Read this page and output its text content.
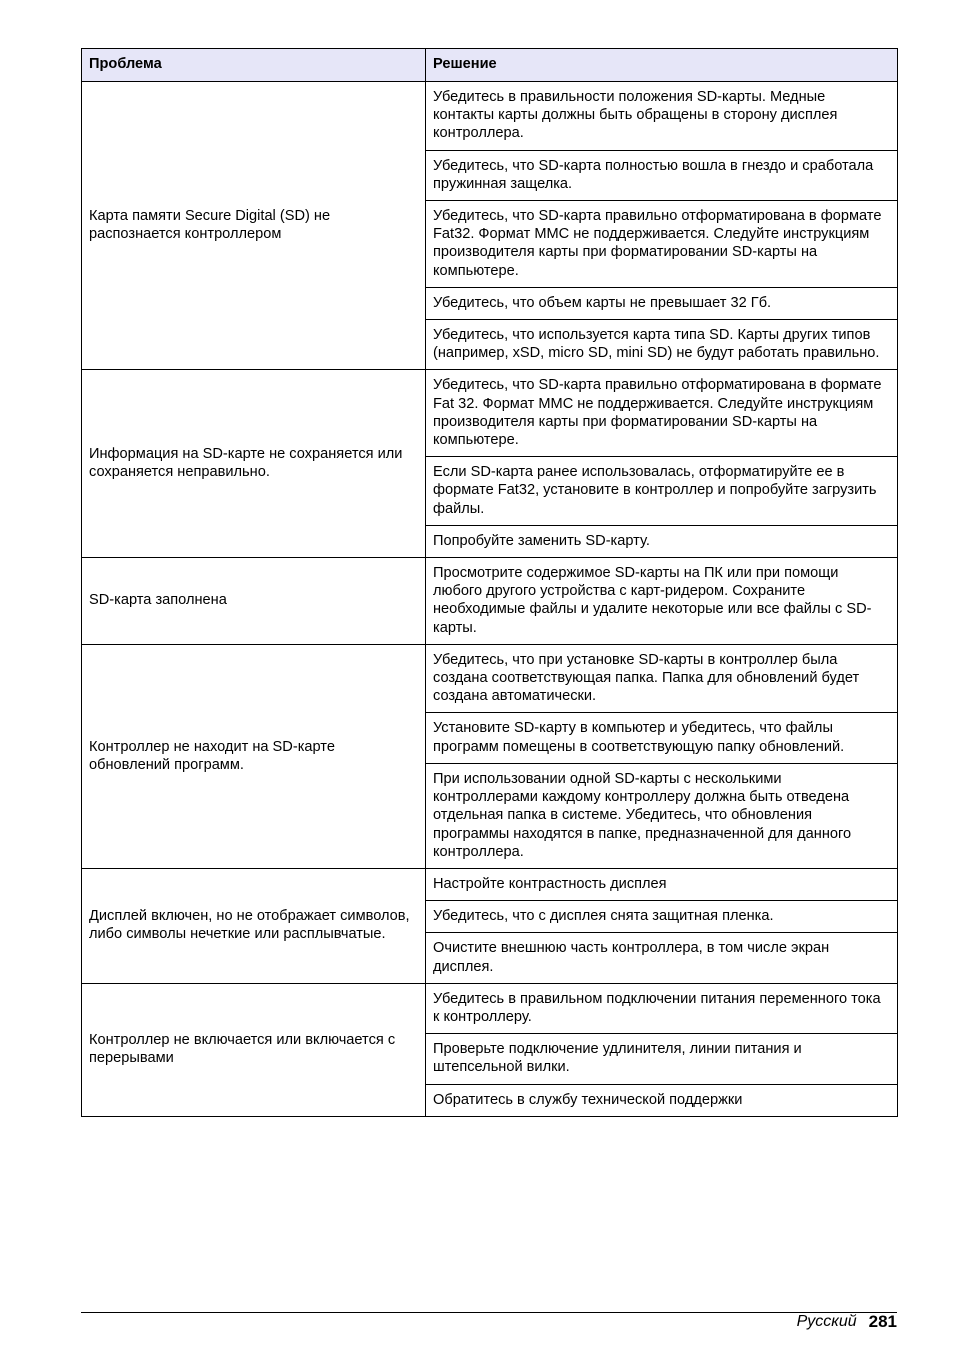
Проблема	Решение
Карта памяти Secure Digital (SD) не распознается контроллером	Убедитесь в правильности положения SD-карты. Медные контакты карты должны быть обращены в сторону дисплея контроллера.
	Убедитесь, что SD-карта полностью вошла в гнездо и сработала пружинная защелка.
	Убедитесь, что SD-карта правильно отформатирована в формате Fat32. Формат MMC не поддерживается. Следуйте инструкциям производителя карты при форматировании SD-карты на компьютере.
	Убедитесь, что объем карты не превышает 32 Гб.
	Убедитесь, что используется карта типа SD. Карты других типов (например, xSD, micro SD, mini SD) не будут работать правильно.
Информация на SD-карте не сохраняется или сохраняется неправильно.	Убедитесь, что SD-карта правильно отформатирована в формате Fat 32. Формат MMC не поддерживается. Следуйте инструкциям производителя карты при форматировании SD-карты на компьютере.
	Если SD-карта ранее использовалась, отформатируйте ее в формате Fat32, установите в контроллер и попробуйте загрузить файлы.
	Попробуйте заменить SD-карту.
SD-карта заполнена	Просмотрите содержимое SD-карты на ПК или при помощи любого другого устройства с карт-ридером. Сохраните необходимые файлы и удалите некоторые или все файлы с SD-карты.
Контроллер не находит на SD-карте обновлений программ.	Убедитесь, что при установке SD-карты в контроллер была создана соответствующая папка. Папка для обновлений будет создана автоматически.
	Установите SD-карту в компьютер и убедитесь, что файлы программ помещены в соответствующую папку обновлений.
	При использовании одной SD-карты с несколькими контроллерами каждому контроллеру должна быть отведена отдельная папка в системе. Убедитесь, что обновления программы находятся в папке, предназначенной для данного контроллера.
Дисплей включен, но не отображает символов, либо символы нечеткие или расплывчатые.	Настройте контрастность дисплея
	Убедитесь, что с дисплея снята защитная пленка.
	Очистите внешнюю часть контроллера, в том числе экран дисплея.
Контроллер не включается или включается с перерывами	Убедитесь в правильном подключении питания переменного тока к контроллеру.
	Проверьте подключение удлинителя, линии питания и штепсельной вилки.
	Обратитесь в службу технической поддержки
Русский 281
